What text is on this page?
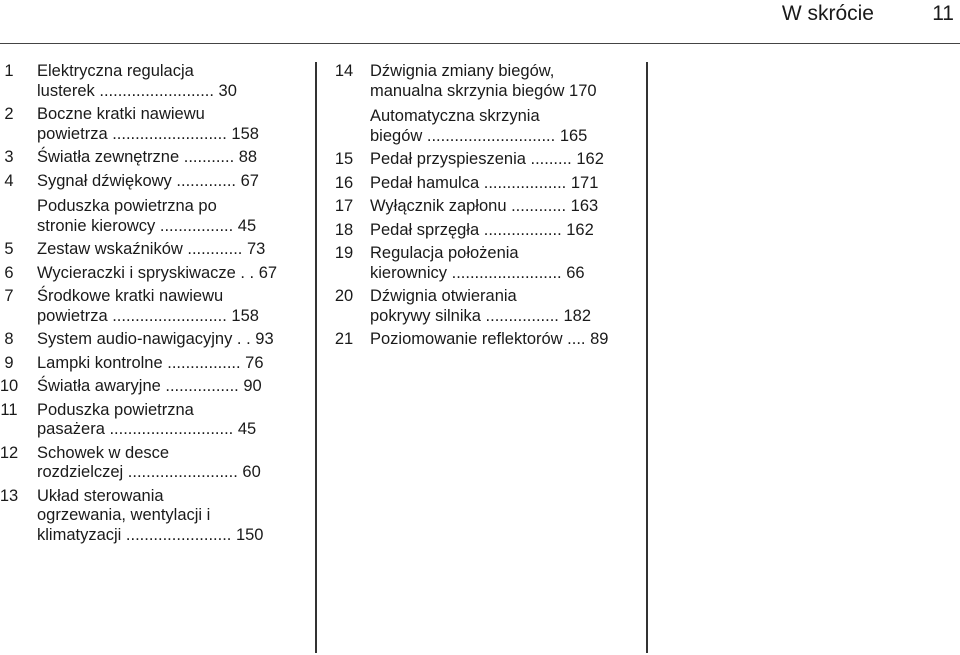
W skrócie	11
1	Elektryczna regulacja
lusterek ......................... 30
2	Boczne kratki nawiewu
powietrza ......................... 158
3	Światła zewnętrzne ........... 88
4	Sygnał dźwiękowy ............. 67
Poduszka powietrzna po
stronie kierowcy ................ 45
5	Zestaw wskaźników ............ 73
6	Wycieraczki i spryskiwacze . . 67
7	Środkowe kratki nawiewu
powietrza ......................... 158
8	System audio-nawigacyjny . . 93
9	Lampki kontrolne ................ 76
10	Światła awaryjne ................ 90
11	Poduszka powietrzna
pasażera ........................... 45
12	Schowek w desce
rozdzielczej ........................ 60
13	Układ sterowania
ogrzewania, wentylacji i
klimatyzacji ....................... 150
14	Dźwignia zmiany biegów,
manualna skrzynia biegów 170
Automatyczna skrzynia
biegów ............................ 165
15	Pedał przyspieszenia ......... 162
16	Pedał hamulca .................. 171
17	Wyłącznik zapłonu ............ 163
18	Pedał sprzęgła ................. 162
19	Regulacja położenia
kierownicy ........................ 66
20	Dźwignia otwierania
pokrywy silnika ................ 182
21	Poziomowanie reflektorów .... 89
